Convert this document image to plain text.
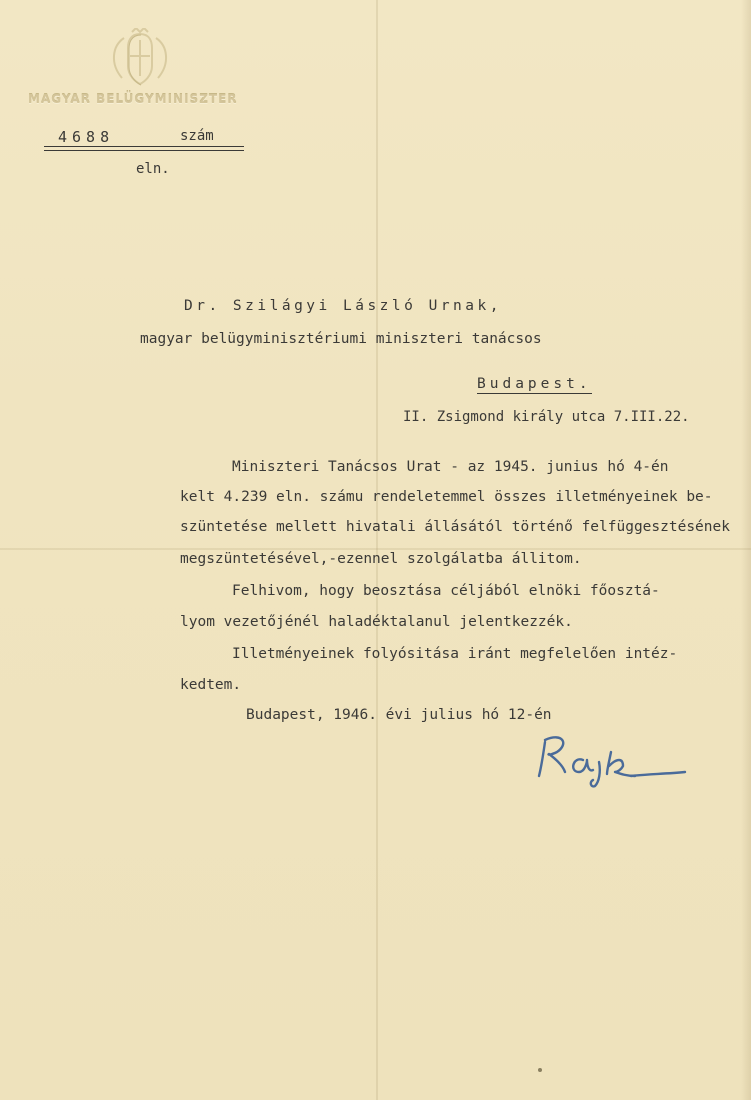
MAGYAR BELÜGYMINISZTER
4688	szám
eln.
Dr. Szilágyi László Urnak,
magyar belügyminisztériumi miniszteri tanácsos
Budapest.
II. Zsigmond király utca 7.III.22.
Miniszteri Tanácsos Urat - az 1945. junius hó 4-én
kelt 4.239 eln. számu rendeletemmel összes illetményeinek be-
szüntetése mellett hivatali állásától történő felfüggesztésének
megszüntetésével,-ezennel szolgálatba állitom.
Felhivom, hogy beosztása céljából elnöki főosztá-
lyom vezetőjénél haladéktalanul jelentkezzék.
Illetményeinek folyósitása iránt megfelelően intéz-
kedtem.
Budapest, 1946. évi julius hó 12-én
